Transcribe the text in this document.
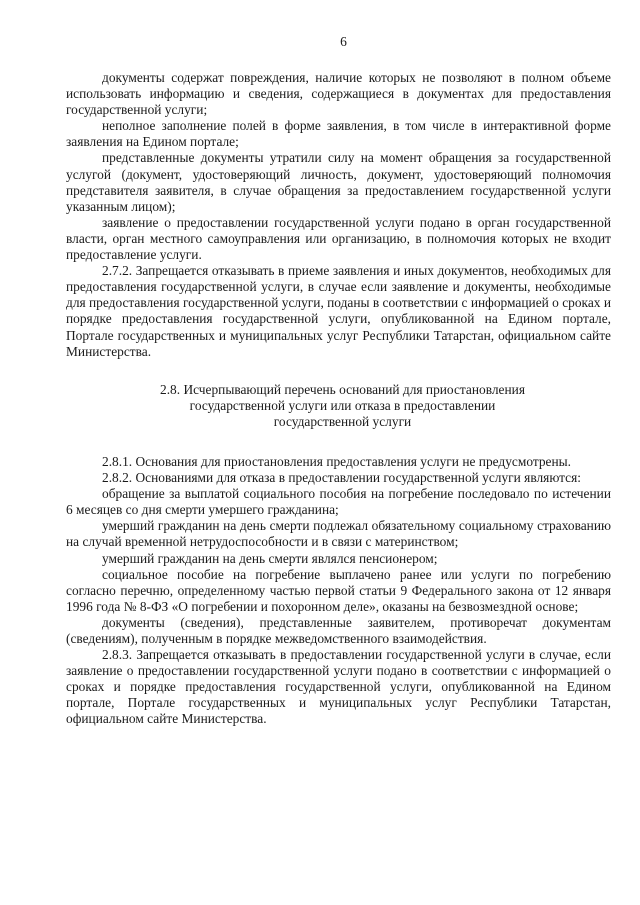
6

документы содержат повреждения, наличие которых не позволяют в полном объеме использовать информацию и сведения, содержащиеся в документах для предоставления государственной услуги;

неполное заполнение полей в форме заявления, в том числе в интерактивной форме заявления на Едином портале;

представленные документы утратили силу на момент обращения за государственной услугой (документ, удостоверяющий личность, документ, удостоверяющий полномочия представителя заявителя, в случае обращения за предоставлением государственной услуги указанным лицом);

заявление о предоставлении государственной услуги подано в орган государственной власти, орган местного самоуправления или организацию, в полномочия которых не входит предоставление услуги.

2.7.2. Запрещается отказывать в приеме заявления и иных документов, необходимых для предоставления государственной услуги, в случае если заявление и документы, необходимые для предоставления государственной услуги, поданы в соответствии с информацией о сроках и порядке предоставления государственной услуги, опубликованной на Едином портале, Портале государственных и муниципальных услуг Республики Татарстан, официальном сайте Министерства.

2.8. Исчерпывающий перечень оснований для приостановления
государственной услуги или отказа в предоставлении
государственной услуги

2.8.1. Основания для приостановления предоставления услуги не предусмотрены.

2.8.2. Основаниями для отказа в предоставлении государственной услуги являются:

обращение за выплатой социального пособия на погребение последовало по истечении 6 месяцев со дня смерти умершего гражданина;

умерший гражданин на день смерти подлежал обязательному социальному страхованию на случай временной нетрудоспособности и в связи с материнством;

умерший гражданин на день смерти являлся пенсионером;

социальное пособие на погребение выплачено ранее или услуги по погребению согласно перечню, определенному частью первой статьи 9 Федерального закона от 12 января 1996 года № 8-ФЗ «О погребении и похоронном деле», оказаны на безвозмездной основе;

документы (сведения), представленные заявителем, противоречат документам (сведениям), полученным в порядке межведомственного взаимодействия.

2.8.3. Запрещается отказывать в предоставлении государственной услуги в случае, если заявление о предоставлении государственной услуги подано в соответствии с информацией о сроках и порядке предоставления государственной услуги, опубликованной на Едином портале, Портале государственных и муниципальных услуг Республики Татарстан, официальном сайте Министерства.
